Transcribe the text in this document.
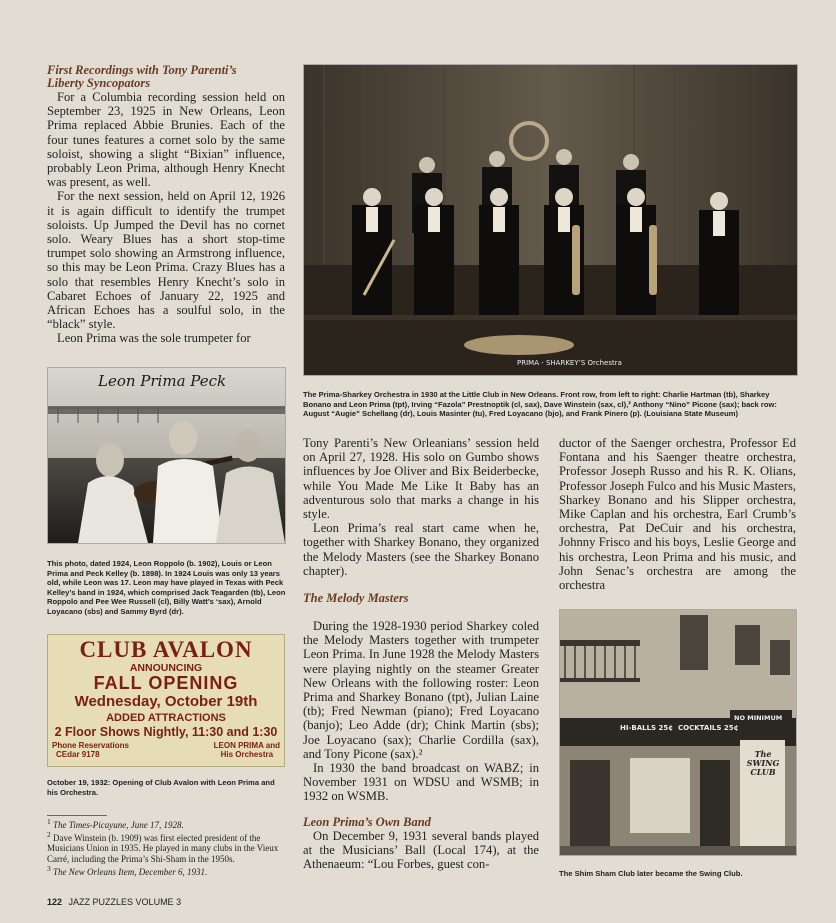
First Recordings with Tony Parenti’s Liberty Syncopators

For a Columbia recording session held on September 23, 1925 in New Orleans, Leon Prima replaced Abbie Brunies. Each of the four tunes features a cornet solo by the same soloist, showing a slight “Bixian” influence, probably Leon Prima, although Henry Knecht was present, as well.

For the next session, held on April 12, 1926 it is again difficult to identify the trumpet soloists. Up Jumped the Devil has no cornet solo. Weary Blues has a short stop-time trumpet solo showing an Armstrong influence, so this may be Leon Prima. Crazy Blues has a solo that resembles Henry Knecht’s solo in Cabaret Echoes of January 22, 1925 and African Echoes has a soulful solo, in the “black” style.

Leon Prima was the sole trumpeter for

Leon Prima Peck

This photo, dated 1924, Leon Roppolo (b. 1902), Louis or Leon Prima and Peck Kelley (b. 1898). In 1924 Louis was only 13 years old, while Leon was 17. Leon may have played in Texas with Peck Kelley’s band in 1924, which comprised Jack Teagarden (tb), Leon Roppolo and Pee Wee Russell (cl), Billy Watt’s ‘sax), Arnold Loyacano (sbs) and Sammy Byrd (dr).

CLUB AVALON
ANNOUNCING
FALL OPENING
Wednesday, October 19th
ADDED ATTRACTIONS
2 Floor Shows Nightly, 11:30 and 1:30
Phone Reservations
CEdar 9178
LEON PRIMA and
His Orchestra

October 19, 1932: Opening of Club Avalon with Leon Prima and his Orchestra.

$^1$ The Times-Picayune, June 17, 1928.

$^2$ Dave Winstein (b. 1909) was first elected president of the Musicians Union in 1935. He played in many clubs in the Vieux Carré, including the Prima’s Shi-Sham in the 1950s.

$^3$ The New Orleans Item, December 6, 1931.

122 JAZZ PUZZLES VOLUME 3
PRIMA - SHARKEY’S Orchestra

The Prima-Sharkey Orchestra in 1930 at the Little Club in New Orleans. Front row, from left to right: Charlie Hartman (tb), Sharkey Bonano and Leon Prima (tpt), Irving “Fazola” Prestnoptik (cl, sax), Dave Winstein (sax, cl),² Anthony “Nino” Picone (sax); back row: August “Augie” Schellang (dr), Louis Masinter (tu), Fred Loyacano (bjo), and Frank Pinero (p). (Louisiana State Museum)

Tony Parenti’s New Orleanians’ session held on April 27, 1928. His solo on Gumbo shows influences by Joe Oliver and Bix Beiderbecke, while You Made Me Like It Baby has an adventurous solo that marks a change in his style.

Leon Prima’s real start came when he, together with Sharkey Bonano, they organized the Melody Masters (see the Sharkey Bonano chapter).

The Melody Masters

During the 1928-1930 period Sharkey coled the Melody Masters together with trumpeter Leon Prima. In June 1928 the Melody Masters were playing nightly on the steamer Greater New Orleans with the following roster: Leon Prima and Sharkey Bonano (tpt), Julian Laine (tb); Fred Newman (piano); Fred Loyacano (banjo); Leo Adde (dr); Chink Martin (sbs); Joe Loyacano (sax); Charlie Cordilla (sax), and Tony Picone (sax).²

In 1930 the band broadcast on WABZ; in November 1931 on WDSU and WSMB; in 1932 on WSMB.

Leon Prima’s Own Band

On December 9, 1931 several bands played at the Musicians’ Ball (Local 174), at the Athenaeum: “Lou Forbes, guest con-

ductor of the Saenger orchestra, Professor Ed Fontana and his Saenger theatre orchestra, Professor Joseph Russo and his R. K. Olians, Professor Joseph Fulco and his Music Masters, Sharkey Bonano and his Slipper orchestra, Mike Caplan and his orchestra, Earl Crumb’s orchestra, Pat DeCuir and his orchestra, Johnny Frisco and his boys, Leslie George and his orchestra, Leon Prima and his music, and John Senac’s orchestra are among the orchestra

HI-BALLS 25¢ COCKTAILS 25¢
NO MINIMUM
The SWING CLUB

The Shim Sham Club later became the Swing Club.
